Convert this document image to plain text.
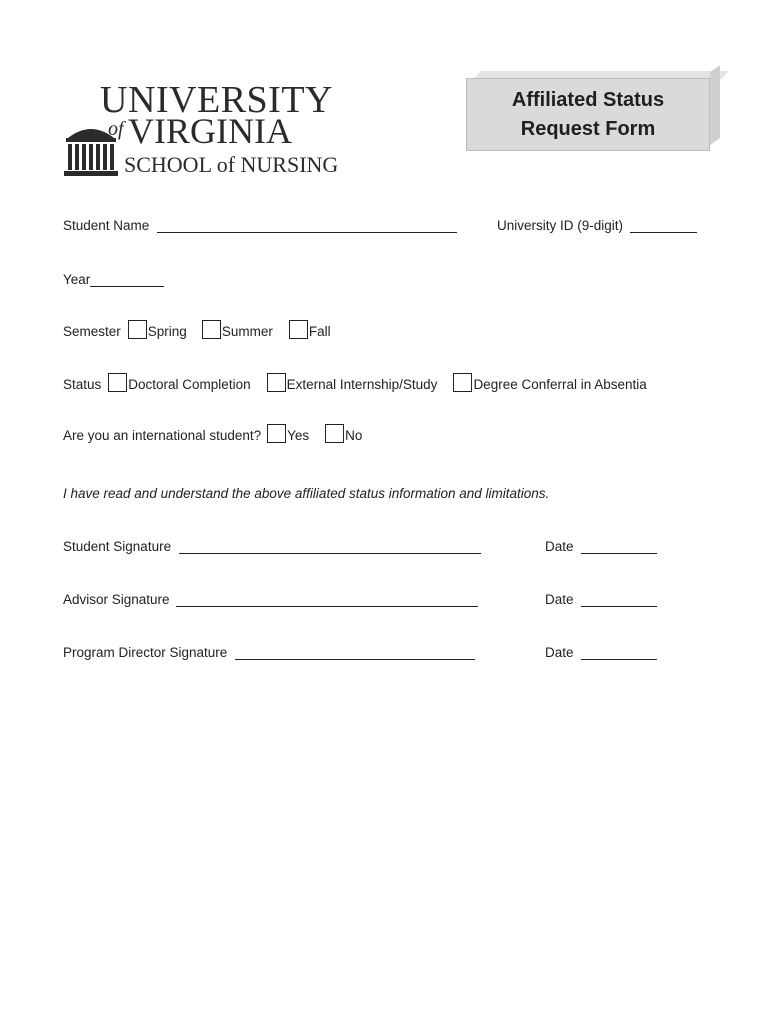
UNIVERSITY
of VIRGINIA
SCHOOL of NURSING
Affiliated Status
Request Form
Student Name	University ID (9-digit)
Year
Semester Spring	Summer	Fall
Status Doctoral Completion	External Internship/Study	Degree Conferral in Absentia
Are you an international student? Yes	No
I have read and understand the above affiliated status information and limitations.
Student Signature	Date
Advisor Signature	Date
Program Director Signature	Date
